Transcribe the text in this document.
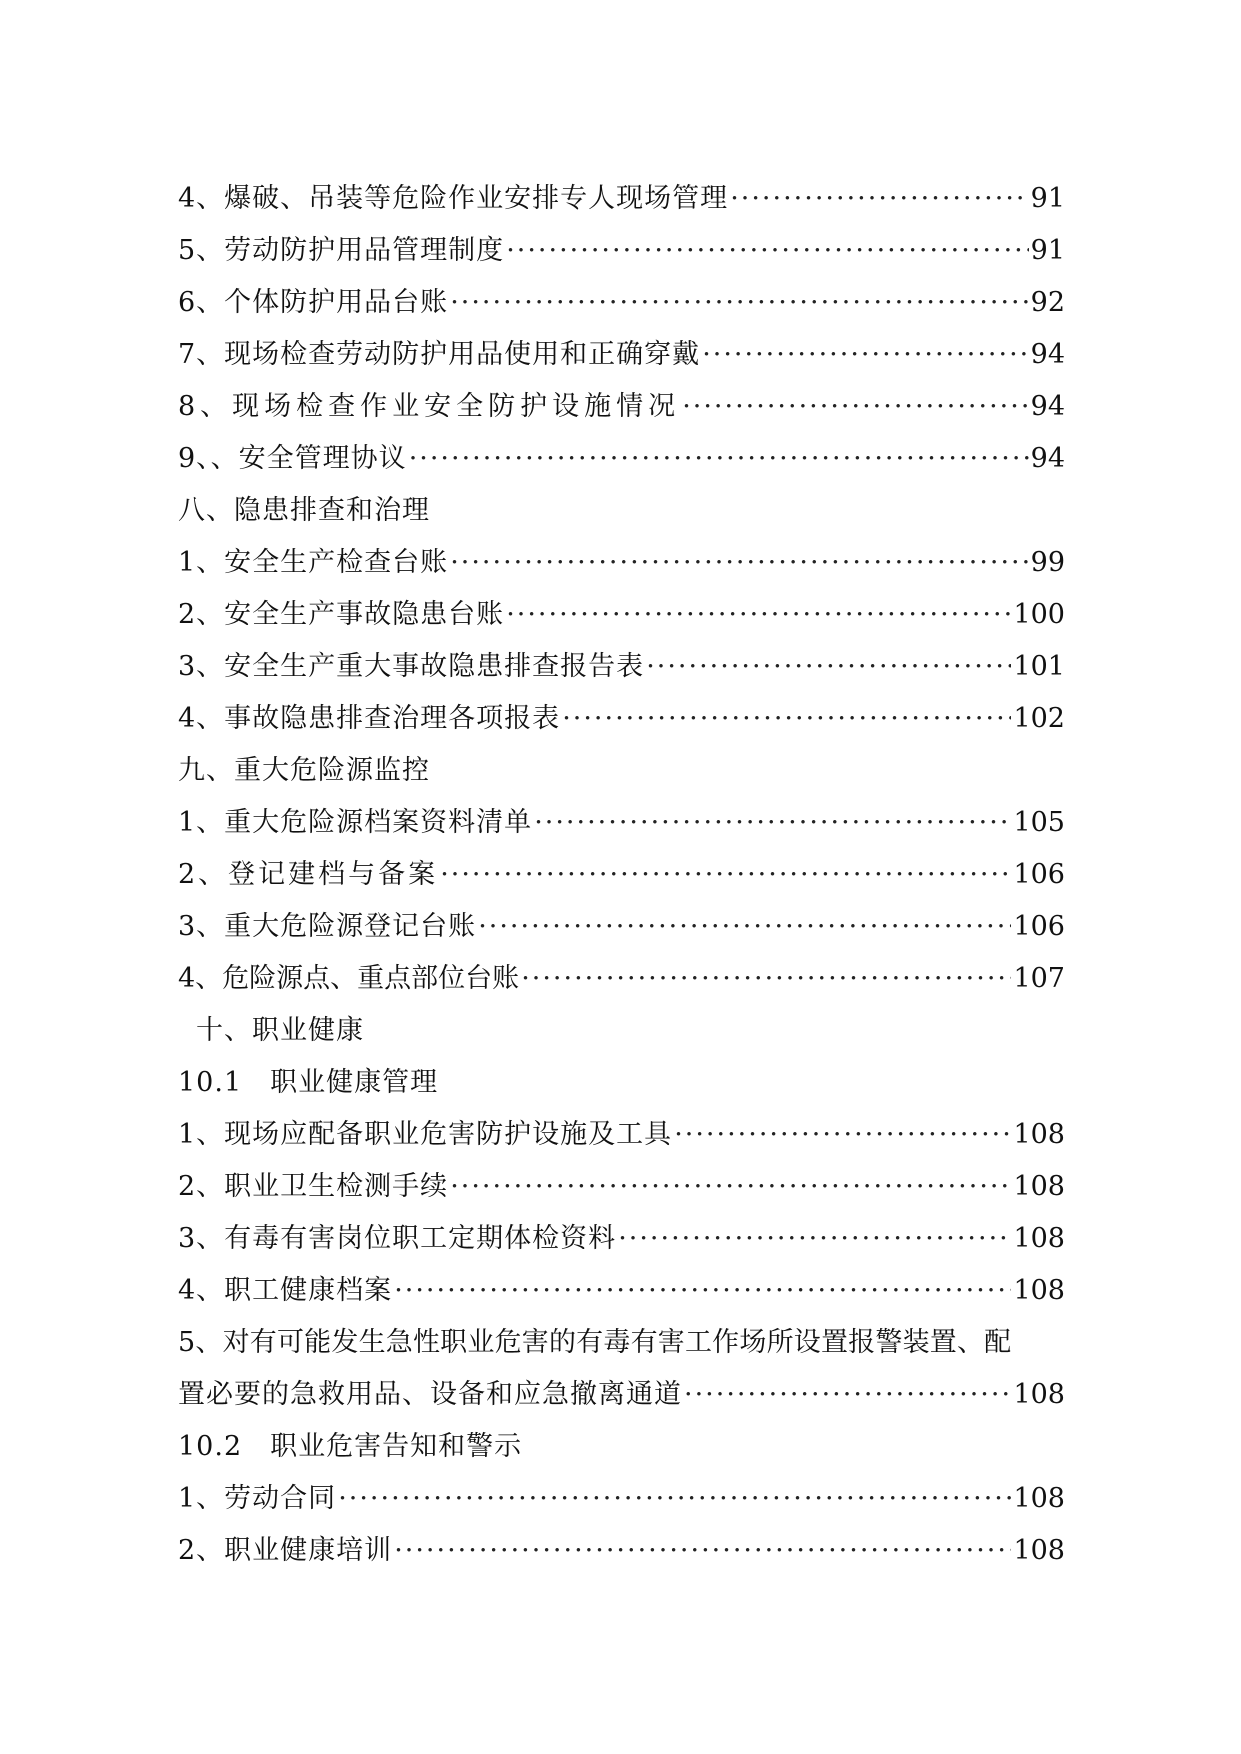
4、爆破、吊装等危险作业安排专人现场管理 ·····	91
5、劳动防护用品管理制度 ·····	91
6、个体防护用品台账 ·····	92
7、现场检查劳动防护用品使用和正确穿戴 ·····	94
8、现场检查作业安全防护设施情况 ·····	94
9、、安全管理协议 ·····	94
八、隐患排查和治理
1、安全生产检查台账 ·····	99
2、安全生产事故隐患台账 ·····	100
3、安全生产重大事故隐患排查报告表 ·····	101
4、事故隐患排查治理各项报表 ·····	102
九、重大危险源监控
1、重大危险源档案资料清单 ·····	105
2、登记建档与备案 ·····	106
3、重大危险源登记台账 ·····	106
4、危险源点、重点部位台账 ·····	107
十、职业健康
10.1　职业健康管理
1、现场应配备职业危害防护设施及工具 ·····	108
2、职业卫生检测手续 ·····	108
3、有毒有害岗位职工定期体检资料 ·····	108
4、职工健康档案 ·····	108
5、对有可能发生急性职业危害的有毒有害工作场所设置报警装置、配
置必要的急救用品、设备和应急撤离通道 ·····	108
10.2　职业危害告知和警示
1、劳动合同 ·····	108
2、职业健康培训 ·····	108
